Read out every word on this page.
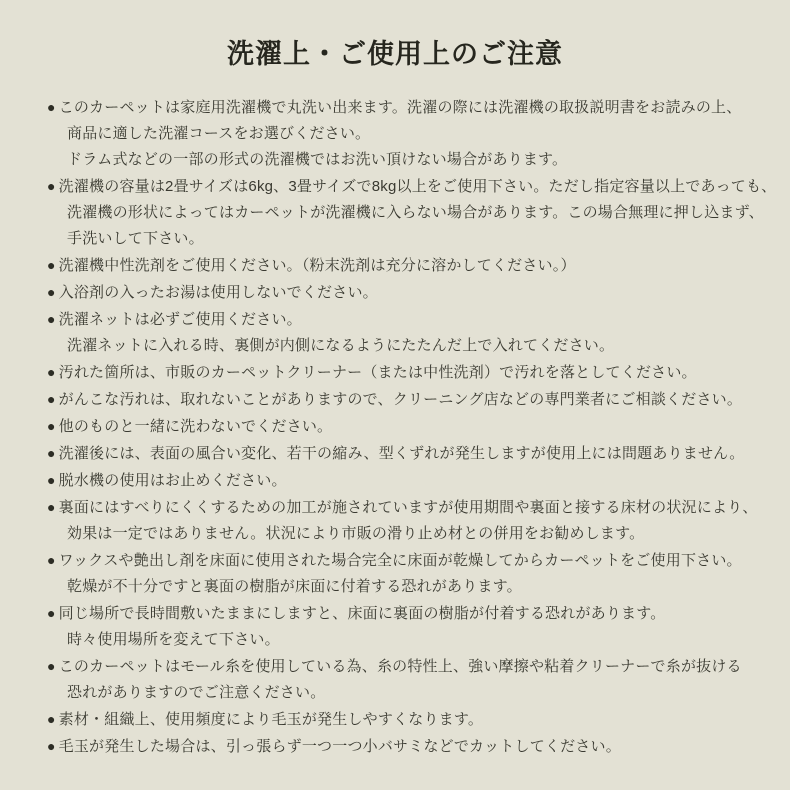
洗濯上・ご使用上のご注意
● このカーペットは家庭用洗濯機で丸洗い出来ます。洗濯の際には洗濯機の取扱説明書をお読みの上、
商品に適した洗濯コースをお選びください。
ドラム式などの一部の形式の洗濯機ではお洗い頂けない場合があります。
● 洗濯機の容量は2畳サイズは6kg、3畳サイズで8kg以上をご使用下さい。ただし指定容量以上であっても、
洗濯機の形状によってはカーペットが洗濯機に入らない場合があります。この場合無理に押し込まず、
手洗いして下さい。
● 洗濯機中性洗剤をご使用ください。（粉末洗剤は充分に溶かしてください。）
● 入浴剤の入ったお湯は使用しないでください。
● 洗濯ネットは必ずご使用ください。
洗濯ネットに入れる時、裏側が内側になるようにたたんだ上で入れてください。
● 汚れた箇所は、市販のカーペットクリーナー（または中性洗剤）で汚れを落としてください。
● がんこな汚れは、取れないことがありますので、クリーニング店などの専門業者にご相談ください。
● 他のものと一緒に洗わないでください。
● 洗濯後には、表面の風合い変化、若干の縮み、型くずれが発生しますが使用上には問題ありません。
● 脱水機の使用はお止めください。
● 裏面にはすべりにくくするための加工が施されていますが使用期間や裏面と接する床材の状況により、
効果は一定ではありません。状況により市販の滑り止め材との併用をお勧めします。
● ワックスや艶出し剤を床面に使用された場合完全に床面が乾燥してからカーペットをご使用下さい。
乾燥が不十分ですと裏面の樹脂が床面に付着する恐れがあります。
● 同じ場所で長時間敷いたままにしますと、床面に裏面の樹脂が付着する恐れがあります。
時々使用場所を変えて下さい。
● このカーペットはモール糸を使用している為、糸の特性上、強い摩擦や粘着クリーナーで糸が抜ける
恐れがありますのでご注意ください。
● 素材・組織上、使用頻度により毛玉が発生しやすくなります。
● 毛玉が発生した場合は、引っ張らず一つ一つ小バサミなどでカットしてください。
